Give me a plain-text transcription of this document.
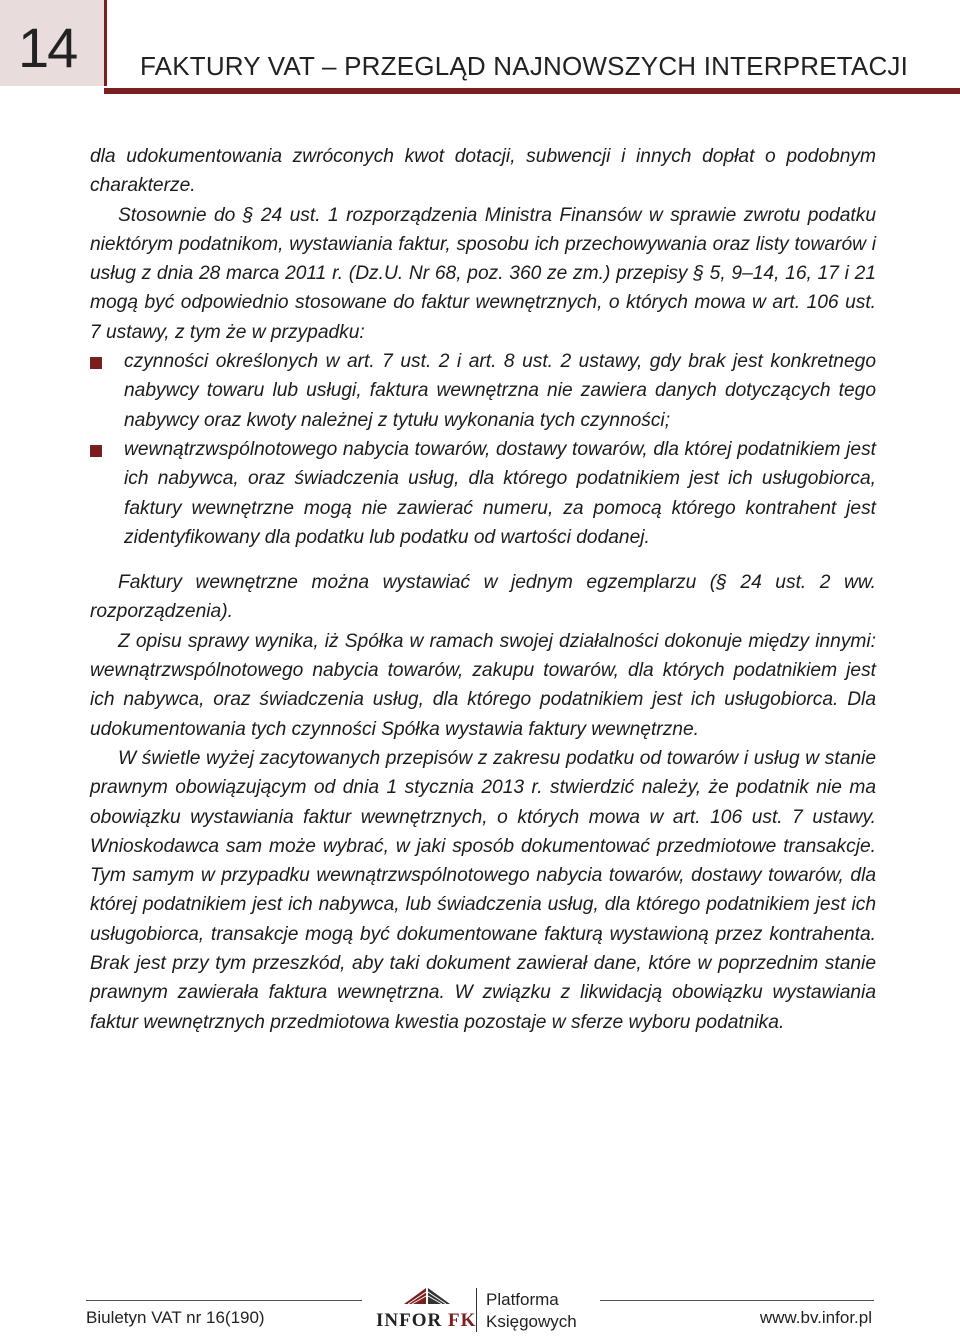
14 FAKTURY VAT – PRZEGLĄD NAJNOWSZYCH INTERPRETACJI

dla udokumentowania zwróconych kwot dotacji, subwencji i innych dopłat o podobnym charakterze.

Stosownie do § 24 ust. 1 rozporządzenia Ministra Finansów w sprawie zwrotu podatku niektórym podatnikom, wystawiania faktur, sposobu ich przechowywania oraz listy towarów i usług z dnia 28 marca 2011 r. (Dz.U. Nr 68, poz. 360 ze zm.) przepisy § 5, 9–14, 16, 17 i 21 mogą być odpowiednio stosowane do faktur wewnętrznych, o których mowa w art. 106 ust. 7 ustawy, z tym że w przypadku:

czynności określonych w art. 7 ust. 2 i art. 8 ust. 2 ustawy, gdy brak jest konkretnego nabywcy towaru lub usługi, faktura wewnętrzna nie zawiera danych dotyczących tego nabywcy oraz kwoty należnej z tytułu wykonania tych czynności;
wewnątrzwspólnotowego nabycia towarów, dostawy towarów, dla której podatnikiem jest ich nabywca, oraz świadczenia usług, dla którego podatnikiem jest ich usługobiorca, faktury wewnętrzne mogą nie zawierać numeru, za pomocą którego kontrahent jest zidentyfikowany dla podatku lub podatku od wartości dodanej.

Faktury wewnętrzne można wystawiać w jednym egzemplarzu (§ 24 ust. 2 ww. rozporządzenia).

Z opisu sprawy wynika, iż Spółka w ramach swojej działalności dokonuje między innymi: wewnątrzwspólnotowego nabycia towarów, zakupu towarów, dla których podatnikiem jest ich nabywca, oraz świadczenia usług, dla którego podatnikiem jest ich usługobiorca. Dla udokumentowania tych czynności Spółka wystawia faktury wewnętrzne.

W świetle wyżej zacytowanych przepisów z zakresu podatku od towarów i usług w stanie prawnym obowiązującym od dnia 1 stycznia 2013 r. stwierdzić należy, że podatnik nie ma obowiązku wystawiania faktur wewnętrznych, o których mowa w art. 106 ust. 7 ustawy. Wnioskodawca sam może wybrać, w jaki sposób dokumentować przedmiotowe transakcje. Tym samym w przypadku wewnątrzwspólnotowego nabycia towarów, dostawy towarów, dla której podatnikiem jest ich nabywca, lub świadczenia usług, dla którego podatnikiem jest ich usługobiorca, transakcje mogą być dokumentowane fakturą wystawioną przez kontrahenta. Brak jest przy tym przeszkód, aby taki dokument zawierał dane, które w poprzednim stanie prawnym zawierała faktura wewnętrzna. W związku z likwidacją obowiązku wystawiania faktur wewnętrznych przedmiotowa kwestia pozostaje w sferze wyboru podatnika.

Biuletyn VAT nr 16(190)	INFOR FK
Platforma
Księgowych	www.bv.infor.pl
